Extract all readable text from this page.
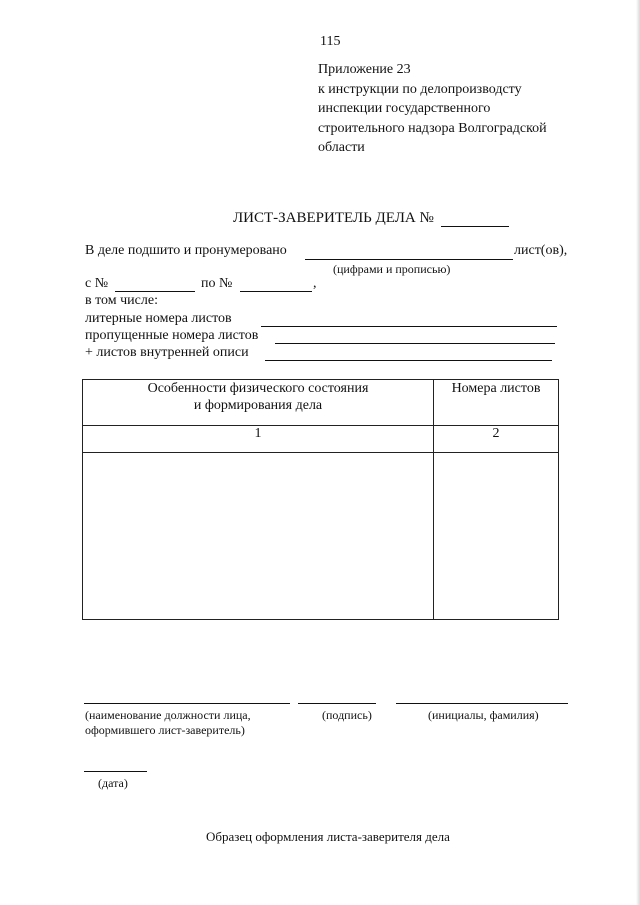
115
Приложение 23
к инструкции по делопроизводсту
инспекции государственного
строительного надзора Волгоградской
области
ЛИСТ-ЗАВЕРИТЕЛЬ ДЕЛА №
В деле подшито и пронумеровано	лист(ов),
(цифрами и прописью)
с №	по №	,
в том числе:
литерные номера листов
пропущенные номера листов
+ листов внутренней описи
Особенности физического состояния
и формирования дела	Номера листов

1	2

(наименование должности лица,
оформившего лист-заверитель)
(подпись)	(инициалы, фамилия)
(дата)
Образец оформления листа-заверителя дела
